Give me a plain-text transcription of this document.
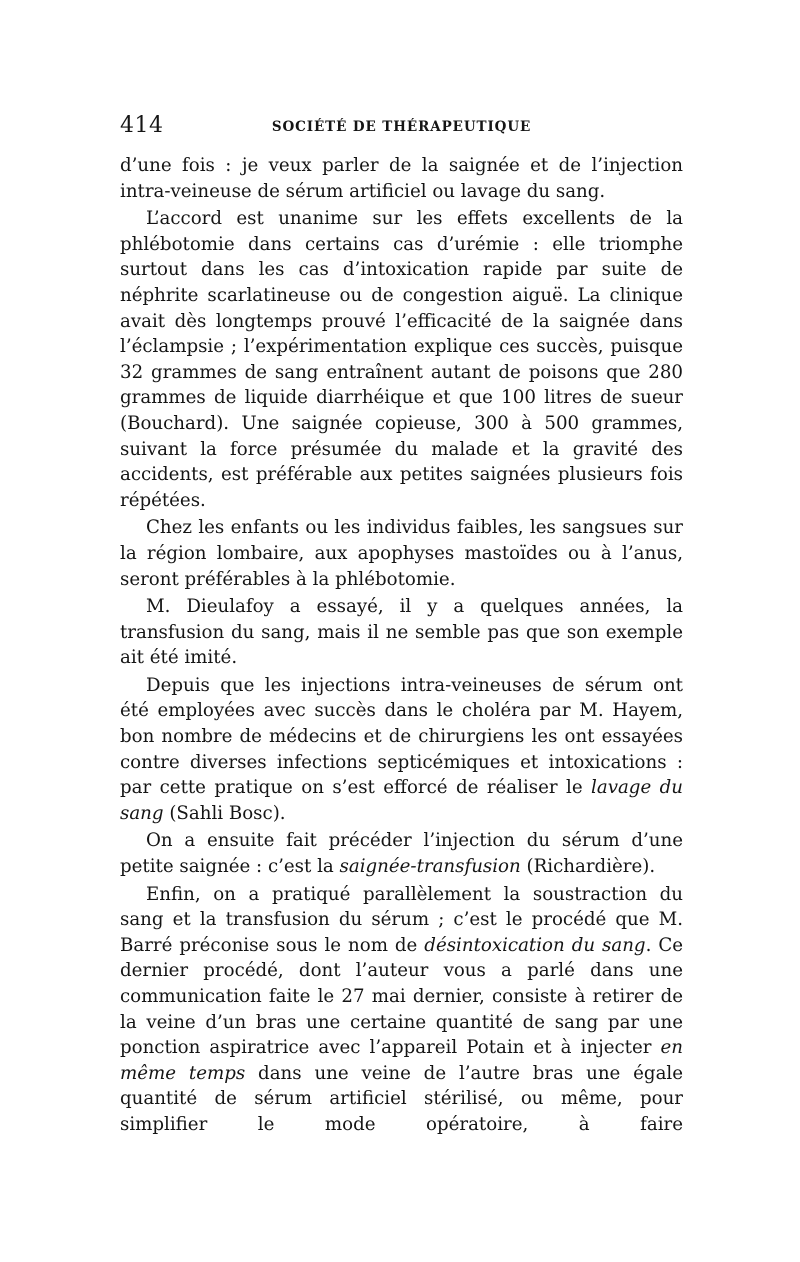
414	SOCIÉTÉ DE THÉRAPEUTIQUE

d’une fois : je veux parler de la saignée et de l’injection intra-veineuse de sérum artificiel ou lavage du sang.

L’accord est unanime sur les effets excellents de la phlébotomie dans certains cas d’urémie : elle triomphe surtout dans les cas d’intoxication rapide par suite de néphrite scarlatineuse ou de congestion aiguë. La clinique avait dès longtemps prouvé l’efficacité de la saignée dans l’éclampsie ; l’expérimentation explique ces succès, puisque 32 grammes de sang entraînent autant de poisons que 280 grammes de liquide diarrhéique et que 100 litres de sueur (Bouchard). Une saignée copieuse, 300 à 500 grammes, suivant la force présumée du malade et la gravité des accidents, est préférable aux petites saignées plusieurs fois répétées.

Chez les enfants ou les individus faibles, les sangsues sur la région lombaire, aux apophyses mastoïdes ou à l’anus, seront préférables à la phlébotomie.

M. Dieulafoy a essayé, il y a quelques années, la transfusion du sang, mais il ne semble pas que son exemple ait été imité.

Depuis que les injections intra-veineuses de sérum ont été employées avec succès dans le choléra par M. Hayem, bon nombre de médecins et de chirurgiens les ont essayées contre diverses infections septicémiques et intoxications : par cette pratique on s’est efforcé de réaliser le lavage du sang (Sahli Bosc).

On a ensuite fait précéder l’injection du sérum d’une petite saignée : c’est la saignée-transfusion (Richardière).

Enfin, on a pratiqué parallèlement la soustraction du sang et la transfusion du sérum ; c’est le procédé que M. Barré préconise sous le nom de désintoxication du sang. Ce dernier procédé, dont l’auteur vous a parlé dans une communication faite le 27 mai dernier, consiste à retirer de la veine d’un bras une certaine quantité de sang par une ponction aspiratrice avec l’appareil Potain et à injecter en même temps dans une veine de l’autre bras une égale quantité de sérum artificiel stérilisé, ou même, pour simplifier le mode opératoire, à faire
